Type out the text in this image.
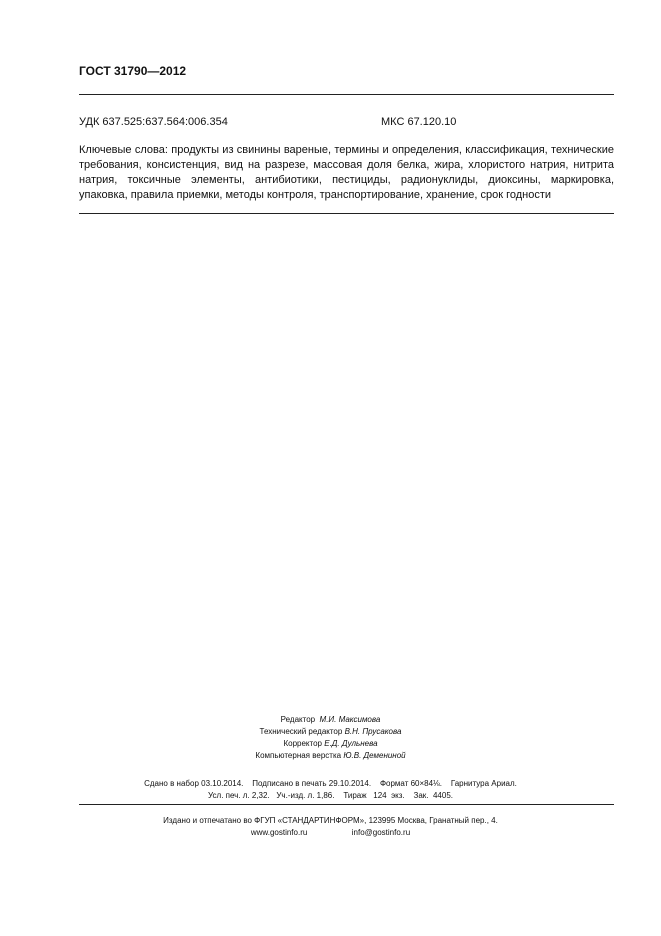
ГОСТ 31790—2012
УДК 637.525:637.564:006.354	МКС 67.120.10
Ключевые слова: продукты из свинины вареные, термины и определения, классификация, технические требования, консистенция, вид на разрезе, массовая доля белка, жира, хлористого натрия, нитрита натрия, токсичные элементы, антибиотики, пестициды, радионуклиды, диоксины, маркировка, упаковка, правила приемки, методы контроля, транспортирование, хранение, срок годности
Редактор М.И. Максимова
Технический редактор В.Н. Прусакова
Корректор Е.Д. Дульнева
Компьютерная верстка Ю.В. Демениной
Сдано в набор 03.10.2014.    Подписано в печать 29.10.2014.    Формат 60×84⅛.    Гарнитура Ариал.
Усл. печ. л. 2,32.   Уч.-изд. л. 1,86.    Тираж   124  экз.    Зак.  4405.
Издано и отпечатано во ФГУП «СТАНДАРТИНФОРМ», 123995 Москва, Гранатный пер., 4.
www.gostinfo.ru	info@gostinfo.ru
